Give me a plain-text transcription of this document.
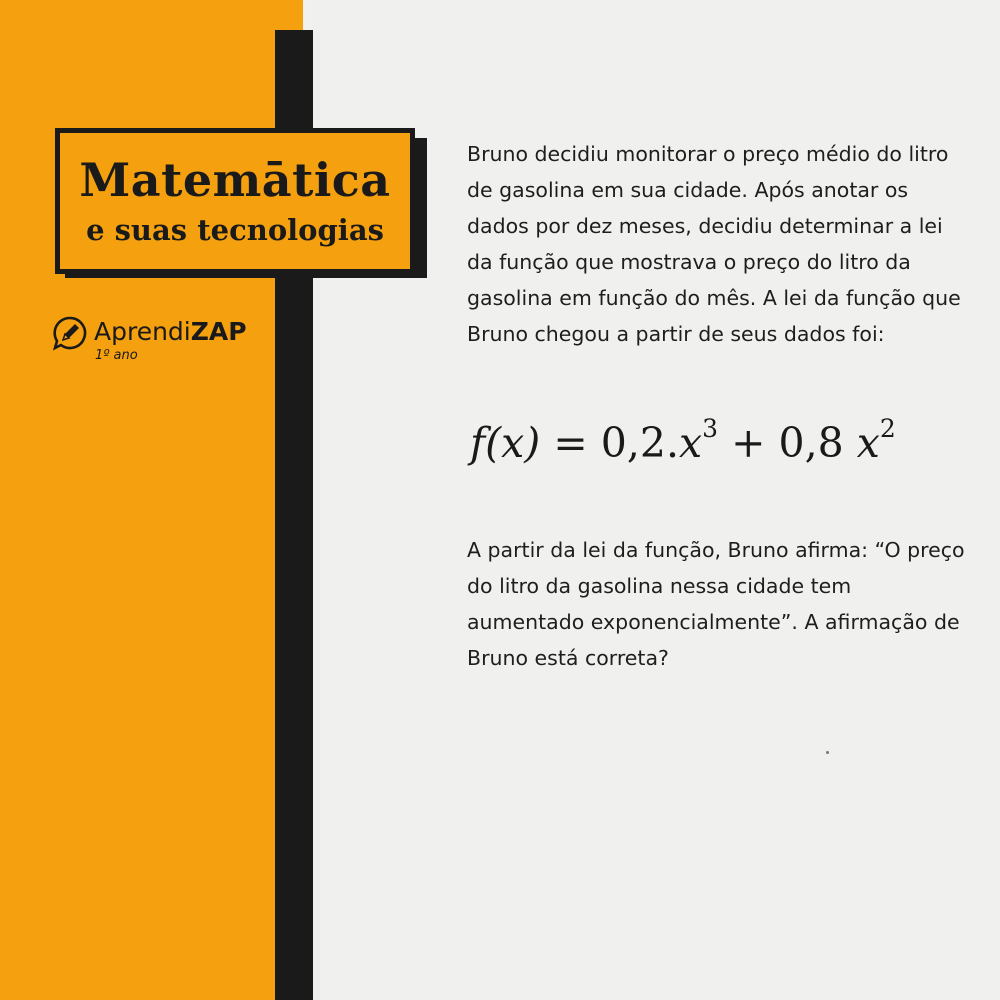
Matemātica
e suas tecnologias
AprendiZAP
1º ano
Bruno decidiu monitorar o preço médio do litro de gasolina em sua cidade. Após anotar os dados por dez meses, decidiu determinar a lei da função que mostrava o preço do litro da gasolina em função do mês. A lei da função que Bruno chegou a partir de seus dados foi:
$f(x) = 0,2.x^3 + 0,8$ $x^2$
A partir da lei da função, Bruno afirma: “O preço do litro da gasolina nessa cidade tem aumentado exponencialmente”. A afirmação de Bruno está correta?
